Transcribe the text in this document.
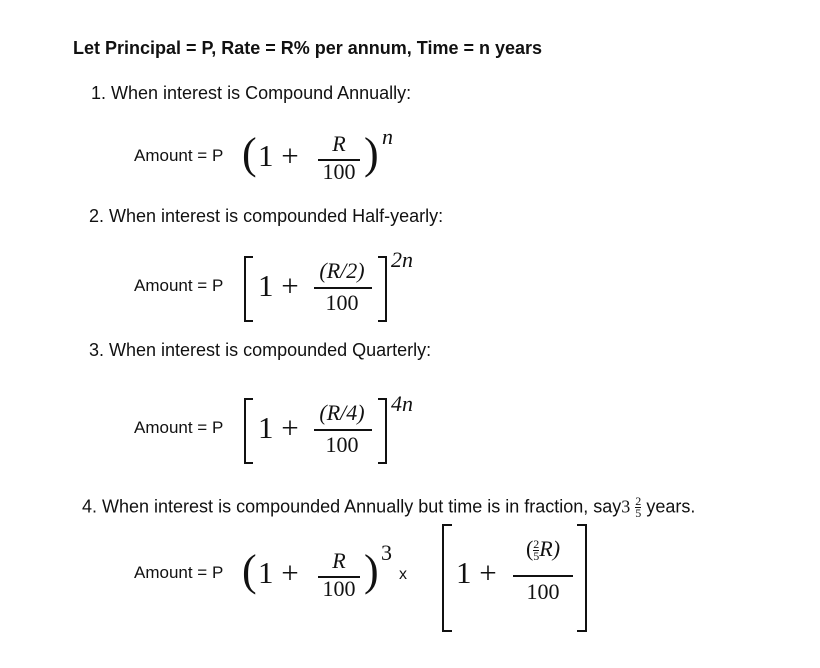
Let Principal = P, Rate = R% per annum, Time = n years
1. When interest is Compound Annually:
Amount = P ( 1 +	R
100 ) n
2. When interest is compounded Half-yearly:
Amount = P 1 + (R/2)
100
2n
3. When interest is compounded Quarterly:
Amount = P 1 + (R/4)
100
4n
4. When interest is compounded Annually but time is in fraction, $say3 \frac{2}{5}$ years.
Amount = P ( 1 +	R
100 ) 3
x 1 +
( $\frac{2}{5} R$)
100
